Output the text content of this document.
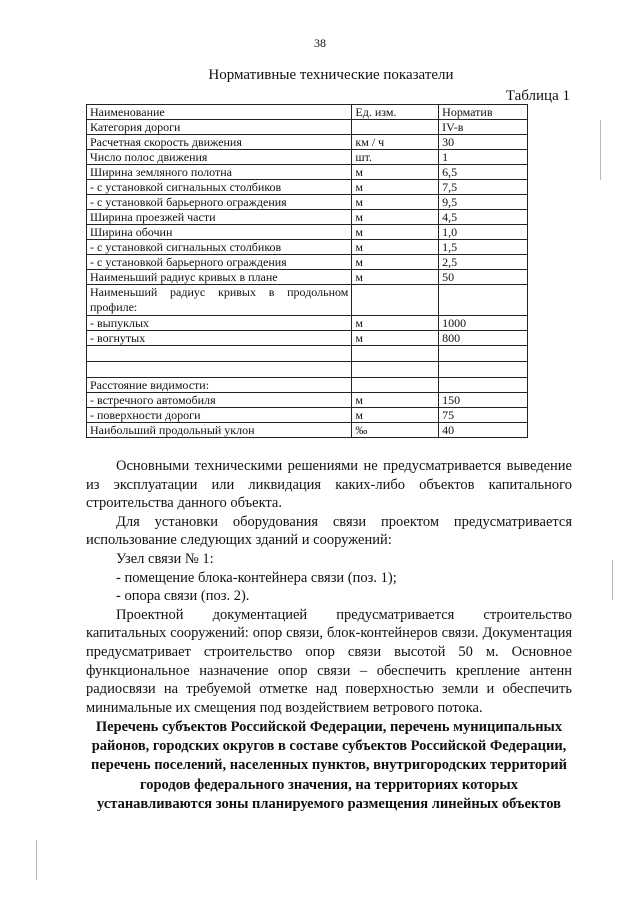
38
Нормативные технические показатели
Таблица 1
Наименование	Ед. изм.	Норматив
Категория дороги		IV-в
Расчетная скорость движения	км / ч	30
Число полос движения	шт.	1
Ширина земляного полотна	м	6,5
- с установкой сигнальных столбиков	м	7,5
- с установкой барьерного ограждения	м	9,5
Ширина проезжей части	м	4,5
Ширина обочин	м	1,0
- с установкой сигнальных столбиков	м	1,5
- с установкой барьерного ограждения	м	2,5
Наименьший радиус кривых в плане	м	50
Наименьший радиус кривых в продольном профиле:		
- выпуклых	м	1000
- вогнутых	м	800

Расстояние видимости:		
- встречного автомобиля	м	150
- поверхности дороги	м	75
Наибольший продольный уклон	‰	40

Основными техническими решениями не предусматривается выведение из эксплуатации или ликвидация каких-либо объектов капитального строительства данного объекта.

Для установки оборудования связи проектом предусматривается использование следующих зданий и сооружений:

Узел связи № 1:

- помещение блока-контейнера связи (поз. 1);

- опора связи (поз. 2).

Проектной документацией предусматривается строительство капитальных сооружений: опор связи, блок-контейнеров связи. Документация предусматривает строительство опор связи высотой 50 м. Основное функциональное назначение опор связи – обеспечить крепление антенн радиосвязи на требуемой отметке над поверхностью земли и обеспечить минимальные их смещения под воздействием ветрового потока.

Перечень субъектов Российской Федерации, перечень муниципальных районов, городских округов в составе субъектов Российской Федерации, перечень поселений, населенных пунктов, внутригородских территорий городов федерального значения, на территориях которых устанавливаются зоны планируемого размещения линейных объектов
